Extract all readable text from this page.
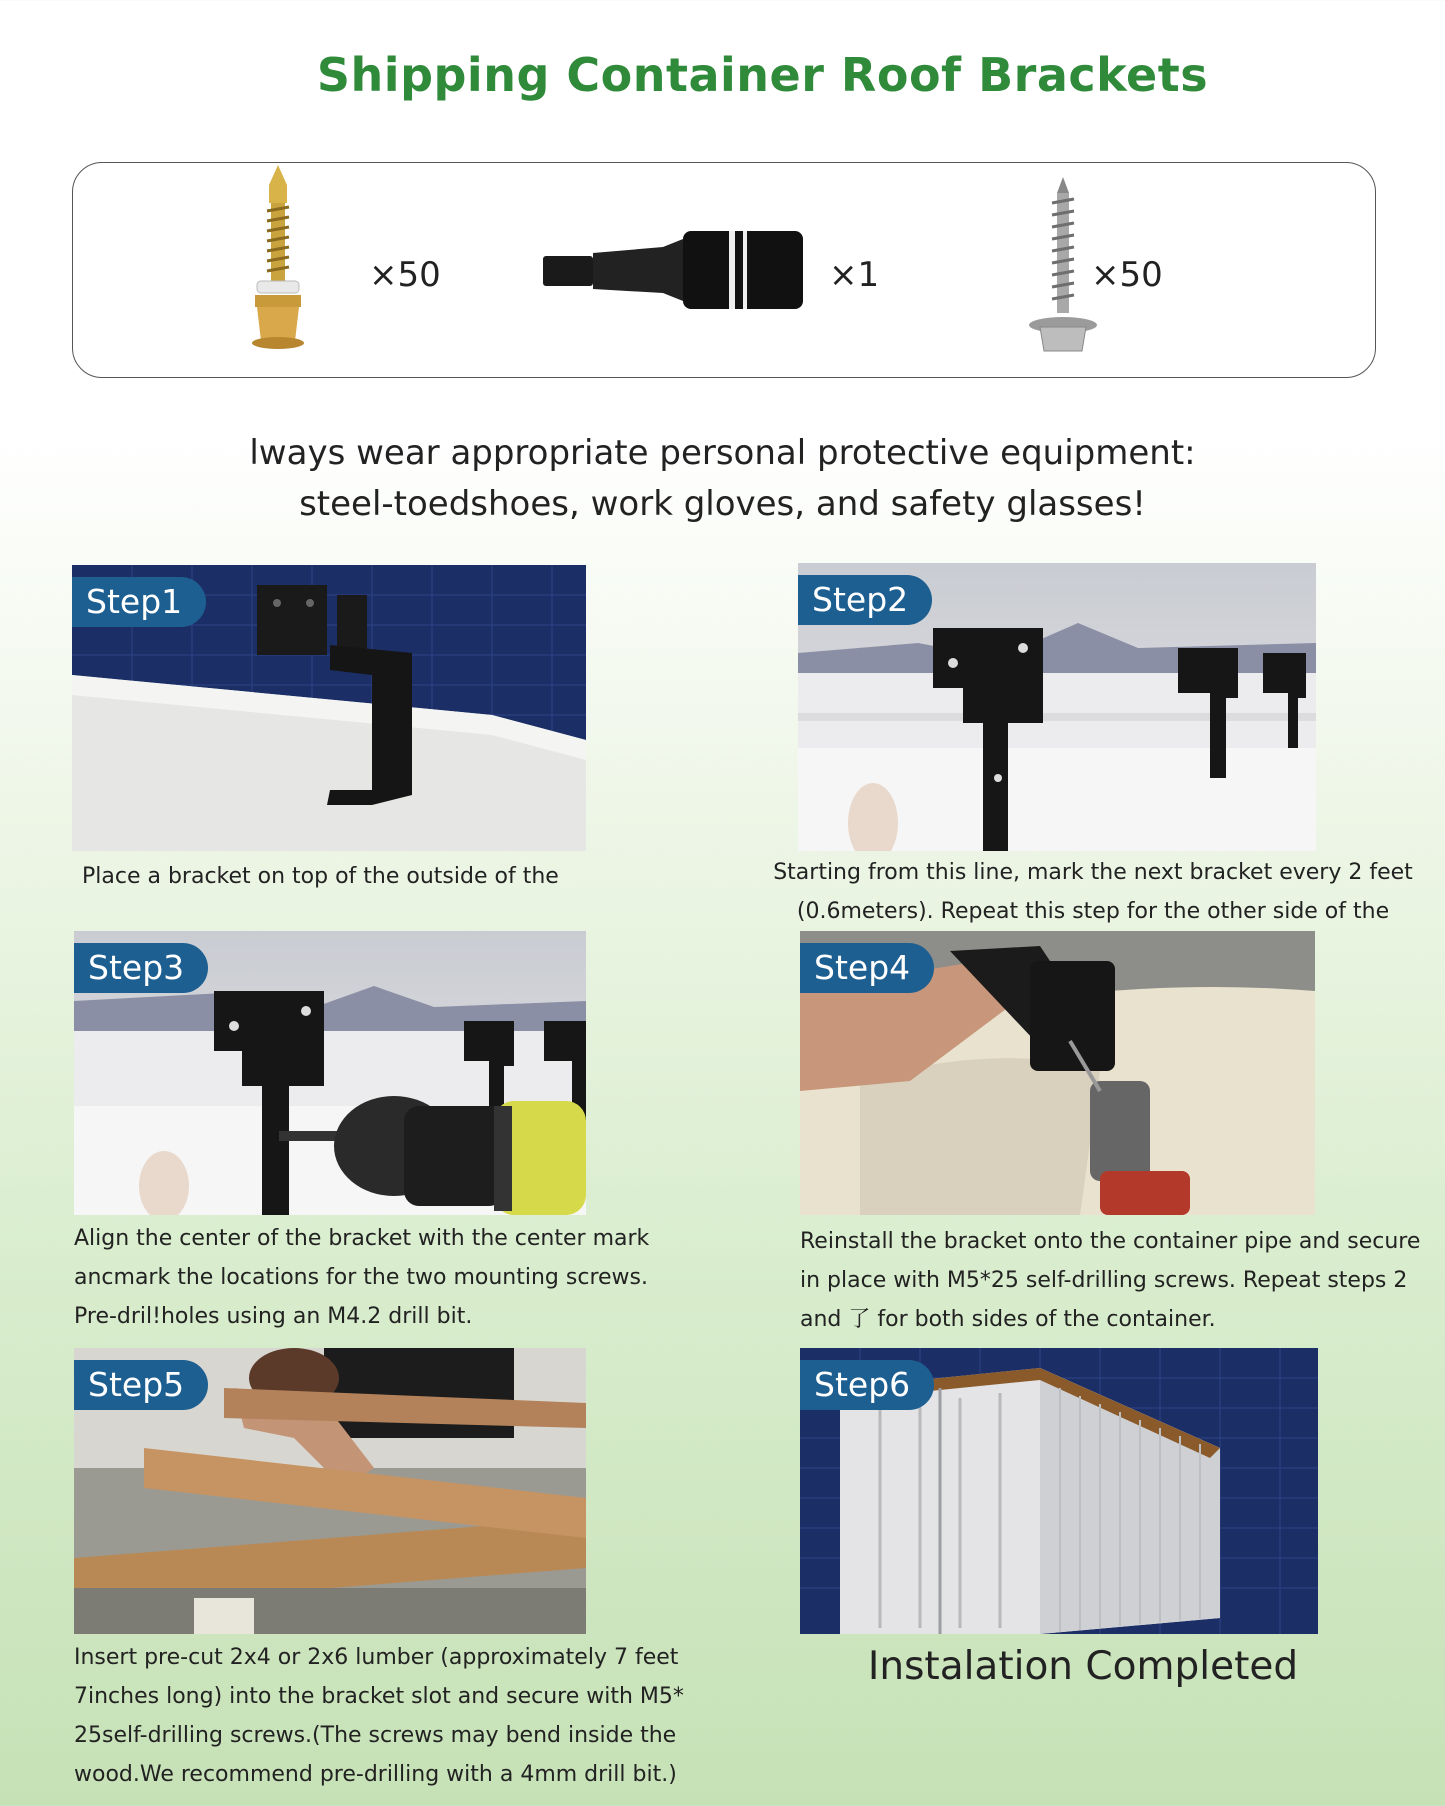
Shipping Container Roof Brackets
×50	×1	×50
lways wear appropriate personal protective equipment:
steel-toedshoes, work gloves, and safety glasses!
Step1
Place a bracket on top of the outside of the
Step2
Starting from this line, mark the next bracket every 2 feet
(0.6meters). Repeat this step for the other side of the
Step3
Align the center of the bracket with the center mark
ancmark the locations for the two mounting screws.
Pre-dril!holes using an M4.2 drill bit.
Step4
Reinstall the bracket onto the container pipe and secure
in place with M5*25 self-drilling screws. Repeat steps 2
and 了 for both sides of the container.
Step5
Insert pre-cut 2x4 or 2x6 lumber (approximately 7 feet
7inches long) into the bracket slot and secure with M5*
25self-drilling screws.(The screws may bend inside the
wood.We recommend pre-drilling with a 4mm drill bit.)
Step6
Instalation Completed
